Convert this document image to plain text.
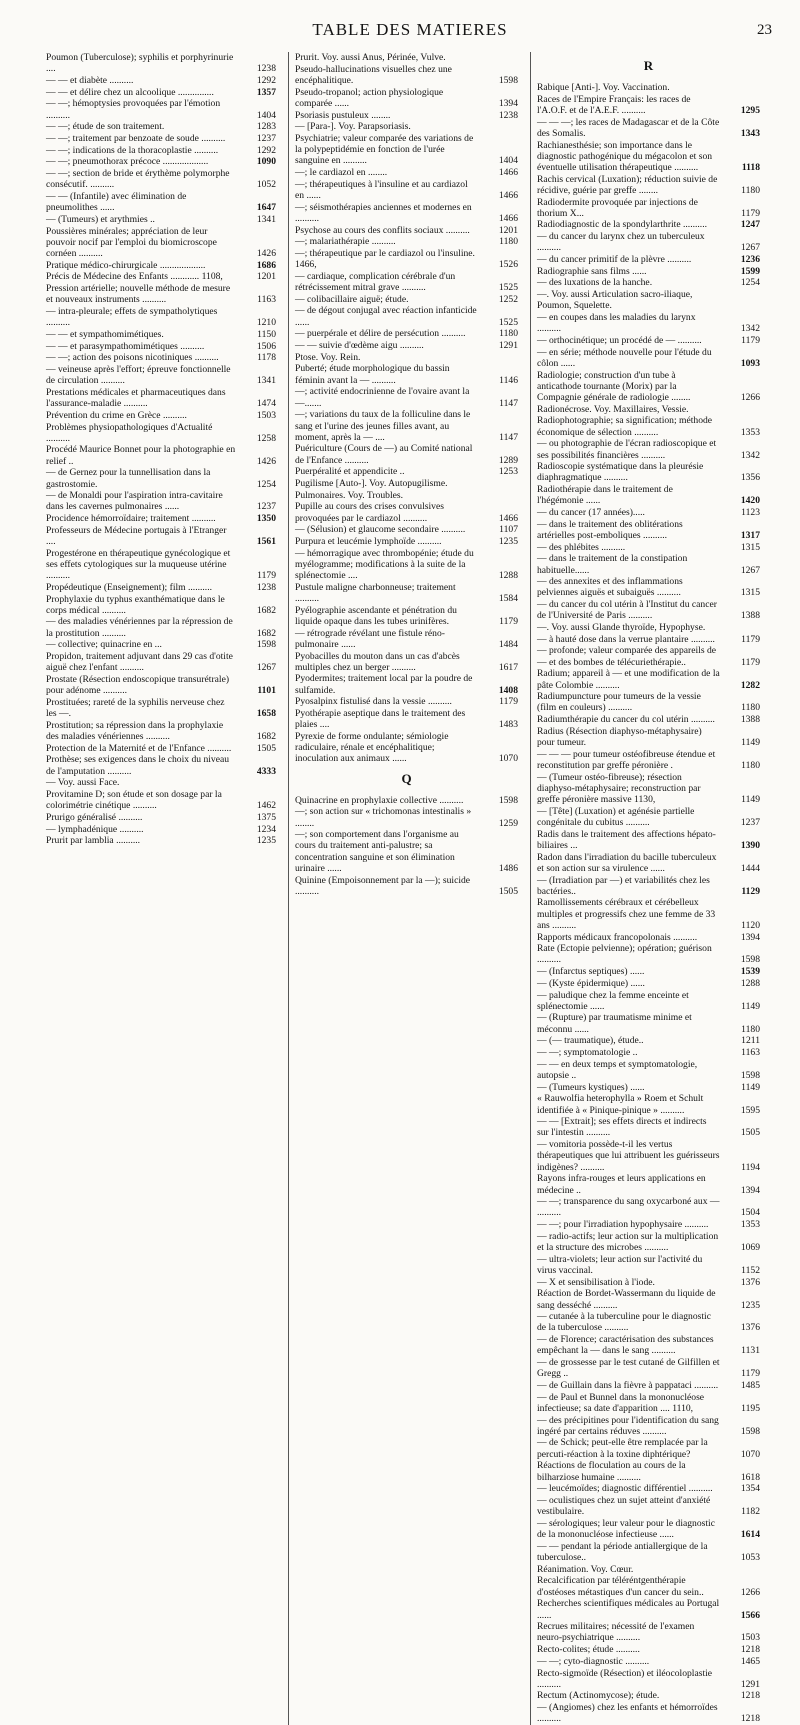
TABLE DES MATIERES	23
Poumon (Tuberculose); syphilis et porphyrinurie ....	1238
— — et diabète ..........	1292
— — et délire chez un alcoolique ...............	1357
— —; hémoptysies provoquées par l'émotion ..........	1404
— —; étude de son traitement.	1283
— —; traitement par benzoate de soude ..........	1237
— —; indications de la thoracoplastie ..........	1292
— —; pneumothorax précoce ...................	1090
— —; section de bride et érythème polymorphe consécutif. ..........	1052
— — (Infantile) avec élimination de pneumolithes ......	1647
— (Tumeurs) et arythmies ..	1341
Poussières minérales; appréciation de leur pouvoir nocif par l'emploi du biomicroscope cornéen ..........	1426
Pratique médico-chirurgicale ...................	1686
Précis de Médecine des Enfants ............ 1108,	1201
Pression artérielle; nouvelle méthode de mesure et nouveaux instruments ..........	1163
— intra-pleurale; effets de sympatholytiques ..........	1210
— — et sympathomimétiques.	1150
— — et parasympathomimétiques ..........	1506
— —; action des poisons nicotiniques ..........	1178
— veineuse après l'effort; épreuve fonctionnelle de circulation ..........	1341
Prestations médicales et pharmaceutiques dans l'assurance-maladie ..........	1474
Prévention du crime en Grèce ..........	1503
Problèmes physiopathologiques d'Actualité ..........	1258
Procédé Maurice Bonnet pour la photographie en relief ..	1426
— de Gernez pour la tunnellisation dans la gastrostomie.	1254
— de Monaldi pour l'aspiration intra-cavitaire dans les cavernes pulmonaires ......	1237
Procidence hémorroïdaire; traitement ..........	1350
Professeurs de Médecine portugais à l'Etranger ....	1561
Progestérone en thérapeutique gynécologique et ses effets cytologiques sur la muqueuse utérine ..........	1179
Propédeutique (Enseignement); film ..........	1238
Prophylaxie du typhus exanthématique dans le corps médical ..........	1682
— des maladies vénériennes par la répression de la prostitution ..........	1682
— collective; quinacrine en ...	1598
Propidon, traitement adjuvant dans 29 cas d'otite aiguë chez l'enfant ..........	1267
Prostate (Résection endoscopique transurétrale) pour adénome ..........	1101
Prostituées; rareté de la syphilis nerveuse chez les —.	1658
Prostitution; sa répression dans la prophylaxie des maladies vénériennes ..........	1682
Protection de la Maternité et de l'Enfance ..........	1505
Prothèse; ses exigences dans le choix du niveau de l'amputation ..........	4333
— Voy. aussi Face.
Provitamine D; son étude et son dosage par la colorimétrie cinétique ..........	1462
Prurigo généralisé ..........	1375
— lymphadénique ..........	1234
Prurit par lamblia ..........	1235
Prurit. Voy. aussi Anus, Périnée, Vulve.
Pseudo-hallucinations visuelles chez une encéphalitique.	1598
Pseudo-tropanol; action physiologique comparée ......	1394
Psoriasis pustuleux ........	1238
— [Para-]. Voy. Parapsoriasis.
Psychiatrie; valeur comparée des variations de la polypeptidémie en fonction de l'urée sanguine en ..........	1404
—; le cardiazol en ........	1466
—; thérapeutiques à l'insuline et au cardiazol en ......	1466
—; séismothérapies anciennes et modernes en ..........	1466
Psychose au cours des conflits sociaux ..........	1201
—; malariathérapie ..........	1180
—; thérapeutique par le cardiazol ou l'insuline. 1466,	1526
— cardiaque, complication cérébrale d'un rétrécissement mitral grave ..........	1525
— colibacillaire aiguë; étude.	1252
— de dégout conjugal avec réaction infanticide ......	1525
— puerpérale et délire de persécution ..........	1180
— — suivie d'œdème aigu ..........	1291
Ptose. Voy. Rein.
Puberté; étude morphologique du bassin féminin avant la — ..........	1146
—; activité endocrinienne de l'ovaire avant la —.......	1147
—; variations du taux de la folliculine dans le sang et l'urine des jeunes filles avant, au moment, après la — ....	1147
Puériculture (Cours de —) au Comité national de l'Enfance ..........	1289
Puerpéralité et appendicite ..	1253
Pugilisme [Auto-]. Voy. Autopugilisme.
Pulmonaires. Voy. Troubles.
Pupille au cours des crises convulsives provoquées par le cardiazol ..........	1466
— (Sélusion) et glaucome secondaire ..........	1107
Purpura et leucémie lymphoïde ..........	1235
— hémorragique avec thrombopénie; étude du myélogramme; modifications à la suite de la splénectomie ....	1288
Pustule maligne charbonneuse; traitement ..........	1584
Pyélographie ascendante et pénétration du liquide opaque dans les tubes urinifères.	1179
— rétrograde révélant une fistule réno-pulmonaire ......	1484
Pyobacilles du mouton dans un cas d'abcès multiples chez un berger ..........	1617
Pyodermites; traitement local par la poudre de sulfamide.	1408
Pyosalpinx fistulisé dans la vessie ..........	1179
Pyothérapie aseptique dans le traitement des plaies ....	1483
Pyrexie de forme ondulante; sémiologie radiculaire, rénale et encéphalitique; inoculation aux animaux ......	1070
Q
Quinacrine en prophylaxie collective ..........	1598
—; son action sur « trichomonas intestinalis » ........	1259
—; son comportement dans l'organisme au cours du traitement anti-palustre; sa concentration sanguine et son élimination urinaire ......	1486
Quinine (Empoisonnement par la —); suicide ..........	1505
R
Rabique [Anti-]. Voy. Vaccination.
Races de l'Empire Français: les races de l'A.O.F. et de l'A.E.F. ..........	1295
— — —; les races de Madagascar et de la Côte des Somalis.	1343
Rachianesthésie; son importance dans le diagnostic pathogénique du mégacolon et son éventuelle utilisation thérapeutique ..........	1118
Rachis cervical (Luxation); réduction suivie de récidive, guérie par greffe ........	1180
Radiodermite provoquée par injections de thorium X...	1179
Radiodiagnostic de la spondylarthrite ..........	1247
— du cancer du larynx chez un tuberculeux ..........	1267
— du cancer primitif de la plèvre ..........	1236
Radiographie sans films ......	1599
— des luxations de la hanche.	1254
—. Voy. aussi Articulation sacro-iliaque, Poumon, Squelette.
— en coupes dans les maladies du larynx ..........	1342
— orthocinétique; un procédé de — ..........	1179
— en série; méthode nouvelle pour l'étude du côlon ......	1093
Radiologie; construction d'un tube à anticathode tournante (Morix) par la Compagnie générale de radiologie ........	1266
Radionécrose. Voy. Maxillaires, Vessie.
Radiophotographie; sa signification; méthode économique de sélection ..........	1353
— ou photographie de l'écran radioscopique et ses possibilités financières ..........	1342
Radioscopie systématique dans la pleurésie diaphragmatique ..........	1356
Radiothérapie dans le traitement de l'hégémonie ......	1420
— du cancer (17 années).....	1123
— dans le traitement des oblitérations artérielles post-emboliques ..........	1317
— des phlébites ..........	1315
— dans le traitement de la constipation habituelle......	1267
— des annexites et des inflammations pelviennes aiguës et subaiguës ..........	1315
— du cancer du col utérin à l'Institut du cancer de l'Université de Paris ..........	1388
—. Voy. aussi Glande thyroïde, Hypophyse.
— à hauté dose dans la verrue plantaire ..........	1179
— profonde; valeur comparée des appareils de — et des bombes de télécuriethérapie..	1179
Radium; appareil à — et une modification de la pâte Colombie ..........	1282
Radiumpuncture pour tumeurs de la vessie (film en couleurs) ..........	1180
Radiumthérapie du cancer du col utérin ..........	1388
Radius (Résection diaphyso-métaphysaire) pour tumeur.	1149
— — — pour tumeur ostéofibreuse étendue et reconstitution par greffe péronière .	1180
— (Tumeur ostéo-fibreuse); résection diaphyso-métaphysaire; reconstruction par greffe péronière massive 1130,	1149
— [Tête] (Luxation) et agénésie partielle congénitale du cubitus ..........	1237
Radis dans le traitement des affections hépato-biliaires ...	1390
Radon dans l'irradiation du bacille tuberculeux et son action sur sa virulence ......	1444
— (Irradiation par —) et variabilités chez les bactéries..	1129
Ramollissements cérébraux et cérébelleux multiples et progressifs chez une femme de 33 ans ..........	1120
Rapports médicaux francopolonais ..........	1394
Rate (Ectopie pelvienne); opération; guérison ..........	1598
— (Infarctus septiques) ......	1539
— (Kyste épidermique) ......	1288
— paludique chez la femme enceinte et splénectomie ......	1149
— (Rupture) par traumatisme minime et méconnu ......	1180
— (— traumatique), étude..	1211
— —; symptomatologie ..	1163
— — en deux temps et symptomatologie, autopsie ..	1598
— (Tumeurs kystiques) ......	1149
« Rauwolfia heterophylla » Roem et Schult identifiée à « Pinique-pinique » ..........	1595
— — [Extrait]; ses effets directs et indirects sur l'intestin ..........	1505
— vomitoria possède-t-il les vertus thérapeutiques que lui attribuent les guérisseurs indigènes? ..........	1194
Rayons infra-rouges et leurs applications en médecine ..	1394
— —; transparence du sang oxycarboné aux — ..........	1504
— —; pour l'irradiation hypophysaire ..........	1353
— radio-actifs; leur action sur la multiplication et la structure des microbes ..........	1069
— ultra-violets; leur action sur l'activité du virus vaccinal.	1152
— X et sensibilisation à l'iode.	1376
Réaction de Bordet-Wassermann du liquide de sang desséché ..........	1235
— cutanée à la tuberculine pour le diagnostic de la tuberculose ..........	1376
— de Florence; caractérisation des substances empêchant la — dans le sang ..........	1131
— de grossesse par le test cutané de Gilfillen et Gregg ..	1179
— de Guillain dans la fièvre à pappataci ..........	1485
— de Paul et Bunnel dans la mononucléose infectieuse; sa date d'apparition .... 1110,	1195
— des précipitines pour l'identification du sang ingéré par certains réduves ..........	1598
— de Schick; peut-elle être remplacée par la percuti-réaction à la toxine diphtérique?	1070
Réactions de floculation au cours de la bilharziose humaine ..........	1618
— leucémoïdes; diagnostic différentiel ..........	1354
— oculistiques chez un sujet atteint d'anxiété vestibulaire.	1182
— sérologiques; leur valeur pour le diagnostic de la mononucléose infectieuse ......	1614
— — pendant la période antiallergique de la tuberculose..	1053
Réanimation. Voy. Cœur.
Recalcification par téléréntgenthérapie d'ostéoses métastiques d'un cancer du sein..	1266
Recherches scientifiques médicales au Portugal ......	1566
Recrues militaires; nécessité de l'examen neuro-psychiatrique ..........	1503
Recto-colites; étude ..........	1218
— —; cyto-diagnostic ..........	1465
Recto-sigmoïde (Résection) et iléocoloplastie ..........	1291
Rectum (Actinomycose); étude.	1218
— (Angiomes) chez les enfants et hémorroïdes ..........	1218
